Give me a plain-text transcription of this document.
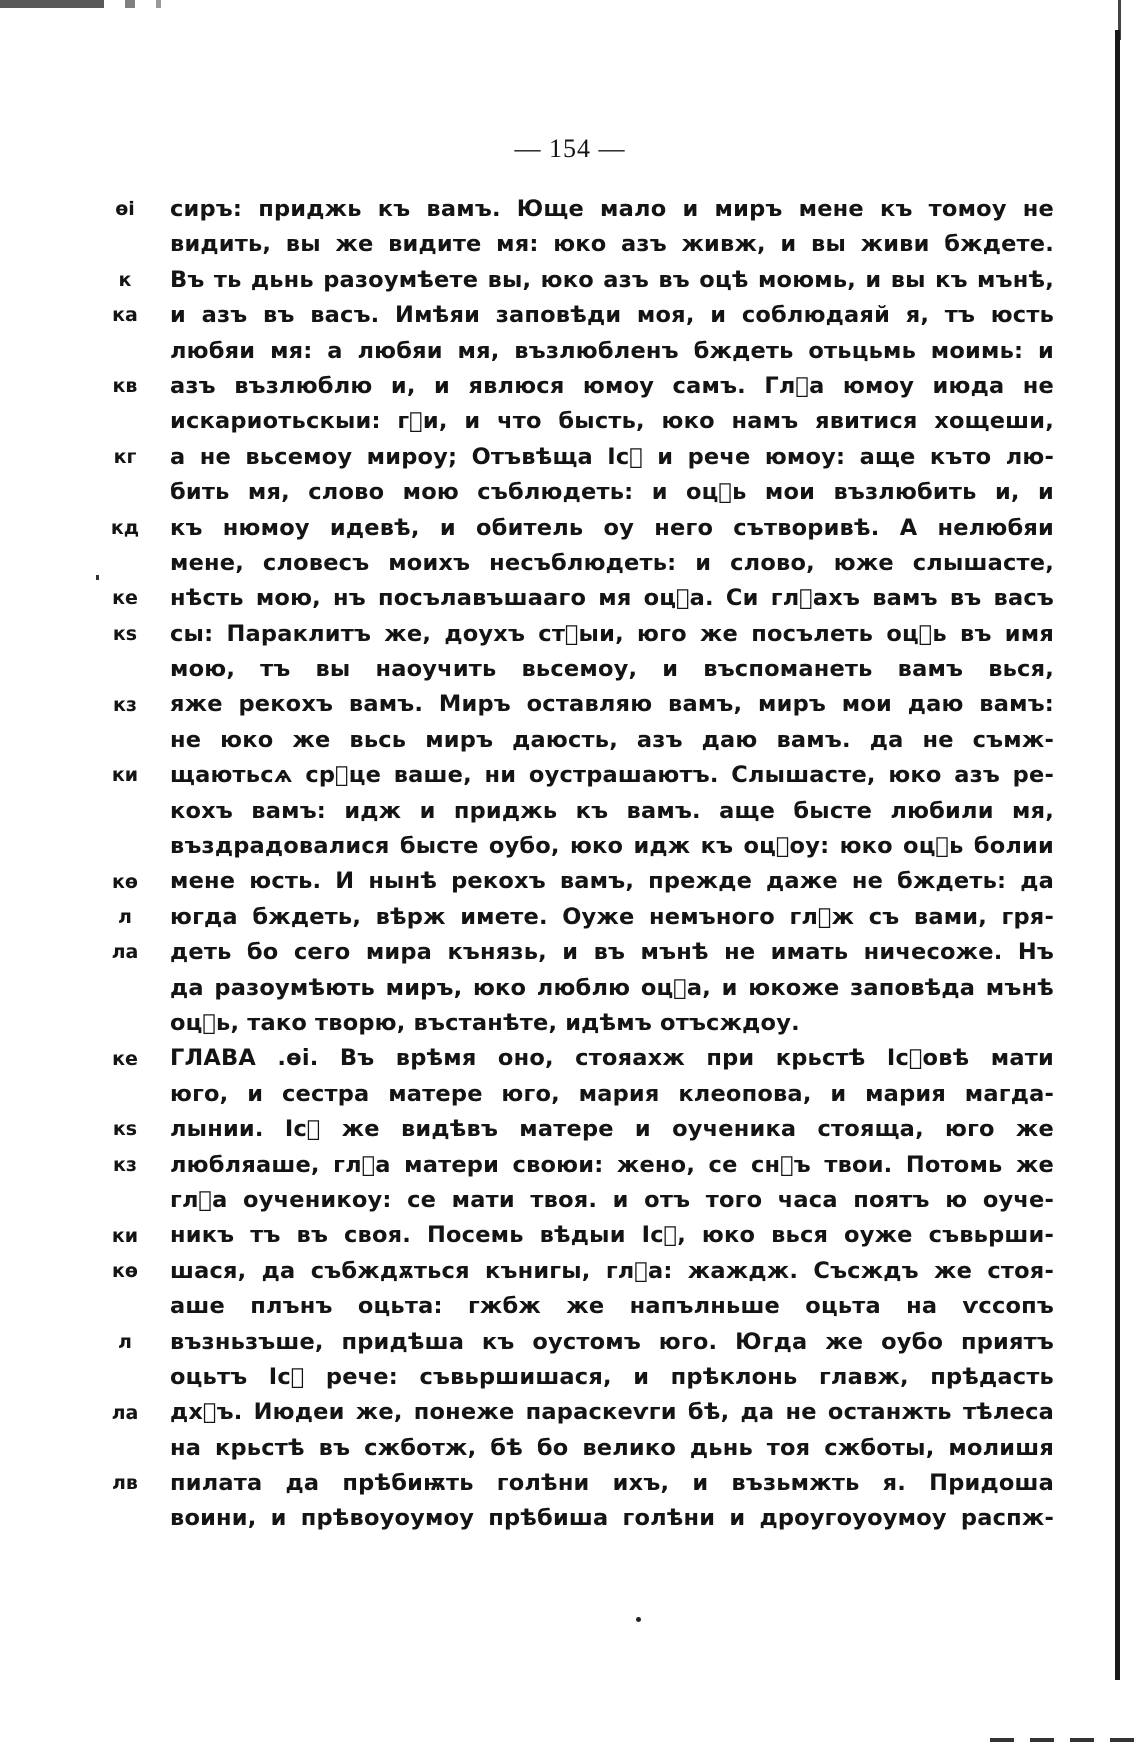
— 154 —
ѳі
к
ка
кв
кг
кд
ке
кѕ
кз
ки
кѳ
л
ла
ке
кѕ
кз
ки
кѳ
л
ла
лв
сиръ: приджь къ вамъ. Юще мало и миръ мене къ томоу не
видить, вы же видите мя: юко азъ живж, и вы живи бждете.
Въ ть дьнь разоумѣете вы, юко азъ въ оцѣ моюмь, и вы къ мънѣ,
и азъ въ васъ. Имѣяи заповѣди моя, и соблюдаяй я, тъ юсть
любяи мя: а любяи мя, възлюбленъ бждеть отьцьмь моимь: и
азъ възлюблю и, и явлюся юмоу самъ. Глⷪа юмоу июда не
искариотьскыи: гⷭи, и что бысть, юко намъ явитися хощеши,
а не вьсемоу мироу; Отъвѣща Ісⷭ и рече юмоу: аще къто лю-
бить мя, слово мою съблюдеть: и оцⷭь мои възлюбить и, и
къ нюмоу идевѣ, и обитель оу него сътворивѣ. А нелюбяи
мене, словесъ моихъ несъблюдеть: и слово, юже слышасте,
нѣсть мою, нъ посълавъшааго мя оцⷭа. Си глⷭахъ вамъ въ васъ
сы: Параклитъ же, доухъ стⷭыи, юго же посълеть оцⷭь въ имя
мою, тъ вы наоучить вьсемоу, и въспоманеть вамъ вься,
яже рекохъ вамъ. Миръ оставляю вамъ, миръ мои даю вамъ:
не юко же вьсь миръ даюсть, азъ даю вамъ. да не съмж-
щаютьсѧ срⷣце ваше, ни оустрашаютъ. Слышасте, юко азъ ре-
кохъ вамъ: идж и приджь къ вамъ. аще бысте любили мя,
въздрадовалися бысте оубо, юко идж къ оцⷭоу: юко оцⷭь болии
мене юсть. И нынѣ рекохъ вамъ, прежде даже не бждеть: да
югда бждеть, вѣрж имете. Оуже немъного глⷭж съ вами, гря-
деть бо сего мира кънязь, и въ мънѣ не имать ничесоже. Нъ
да разоумѣють миръ, юко люблю оцⷭа, и юкоже заповѣда мънѣ
оцⷭь, тако творю, въстанѣте, идѣмъ отъсждоу.
ГЛАВА .ѳі. Въ врѣмя оно, стояахж при крьстѣ Ісⷭовѣ мати
юго, и сестра матере юго, мария клеопова, и мария магда-
лынии. Ісⷭ же видѣвъ матере и оученика стояща, юго же
любляаше, глⷭа матери своюи: жено, се снⷭъ твои. Потомь же
глⷭа оученикоу: се мати твоя. и отъ того часа поятъ ю оуче-
никъ тъ въ своя. Посемь вѣдыи Ісⷭ, юко вься оуже съвьрши-
шася, да събждѫться кънигы, глⷭа: жаждж. Съсждъ же стоя-
аше плънъ оцьта: гжбж же напълньше оцьта на ѵссопъ
възньзъше, придѣша къ оустомъ юго. Югда же оубо приятъ
оцьтъ Ісⷭ рече: съвьршишася, и прѣклонь главж, прѣдасть
дхⷭъ. Июдеи же, понеже параскеѵги бѣ, да не останжть тѣлеса
на крьстѣ въ сжботж, бѣ бо велико дьнь тоя сжботы, молишя
пилата да прѣбиѭть голѣни ихъ, и възьмжть я. Придоша
воини, и прѣвоуоумоу прѣбиша голѣни и дроугоуоумоу распж-
